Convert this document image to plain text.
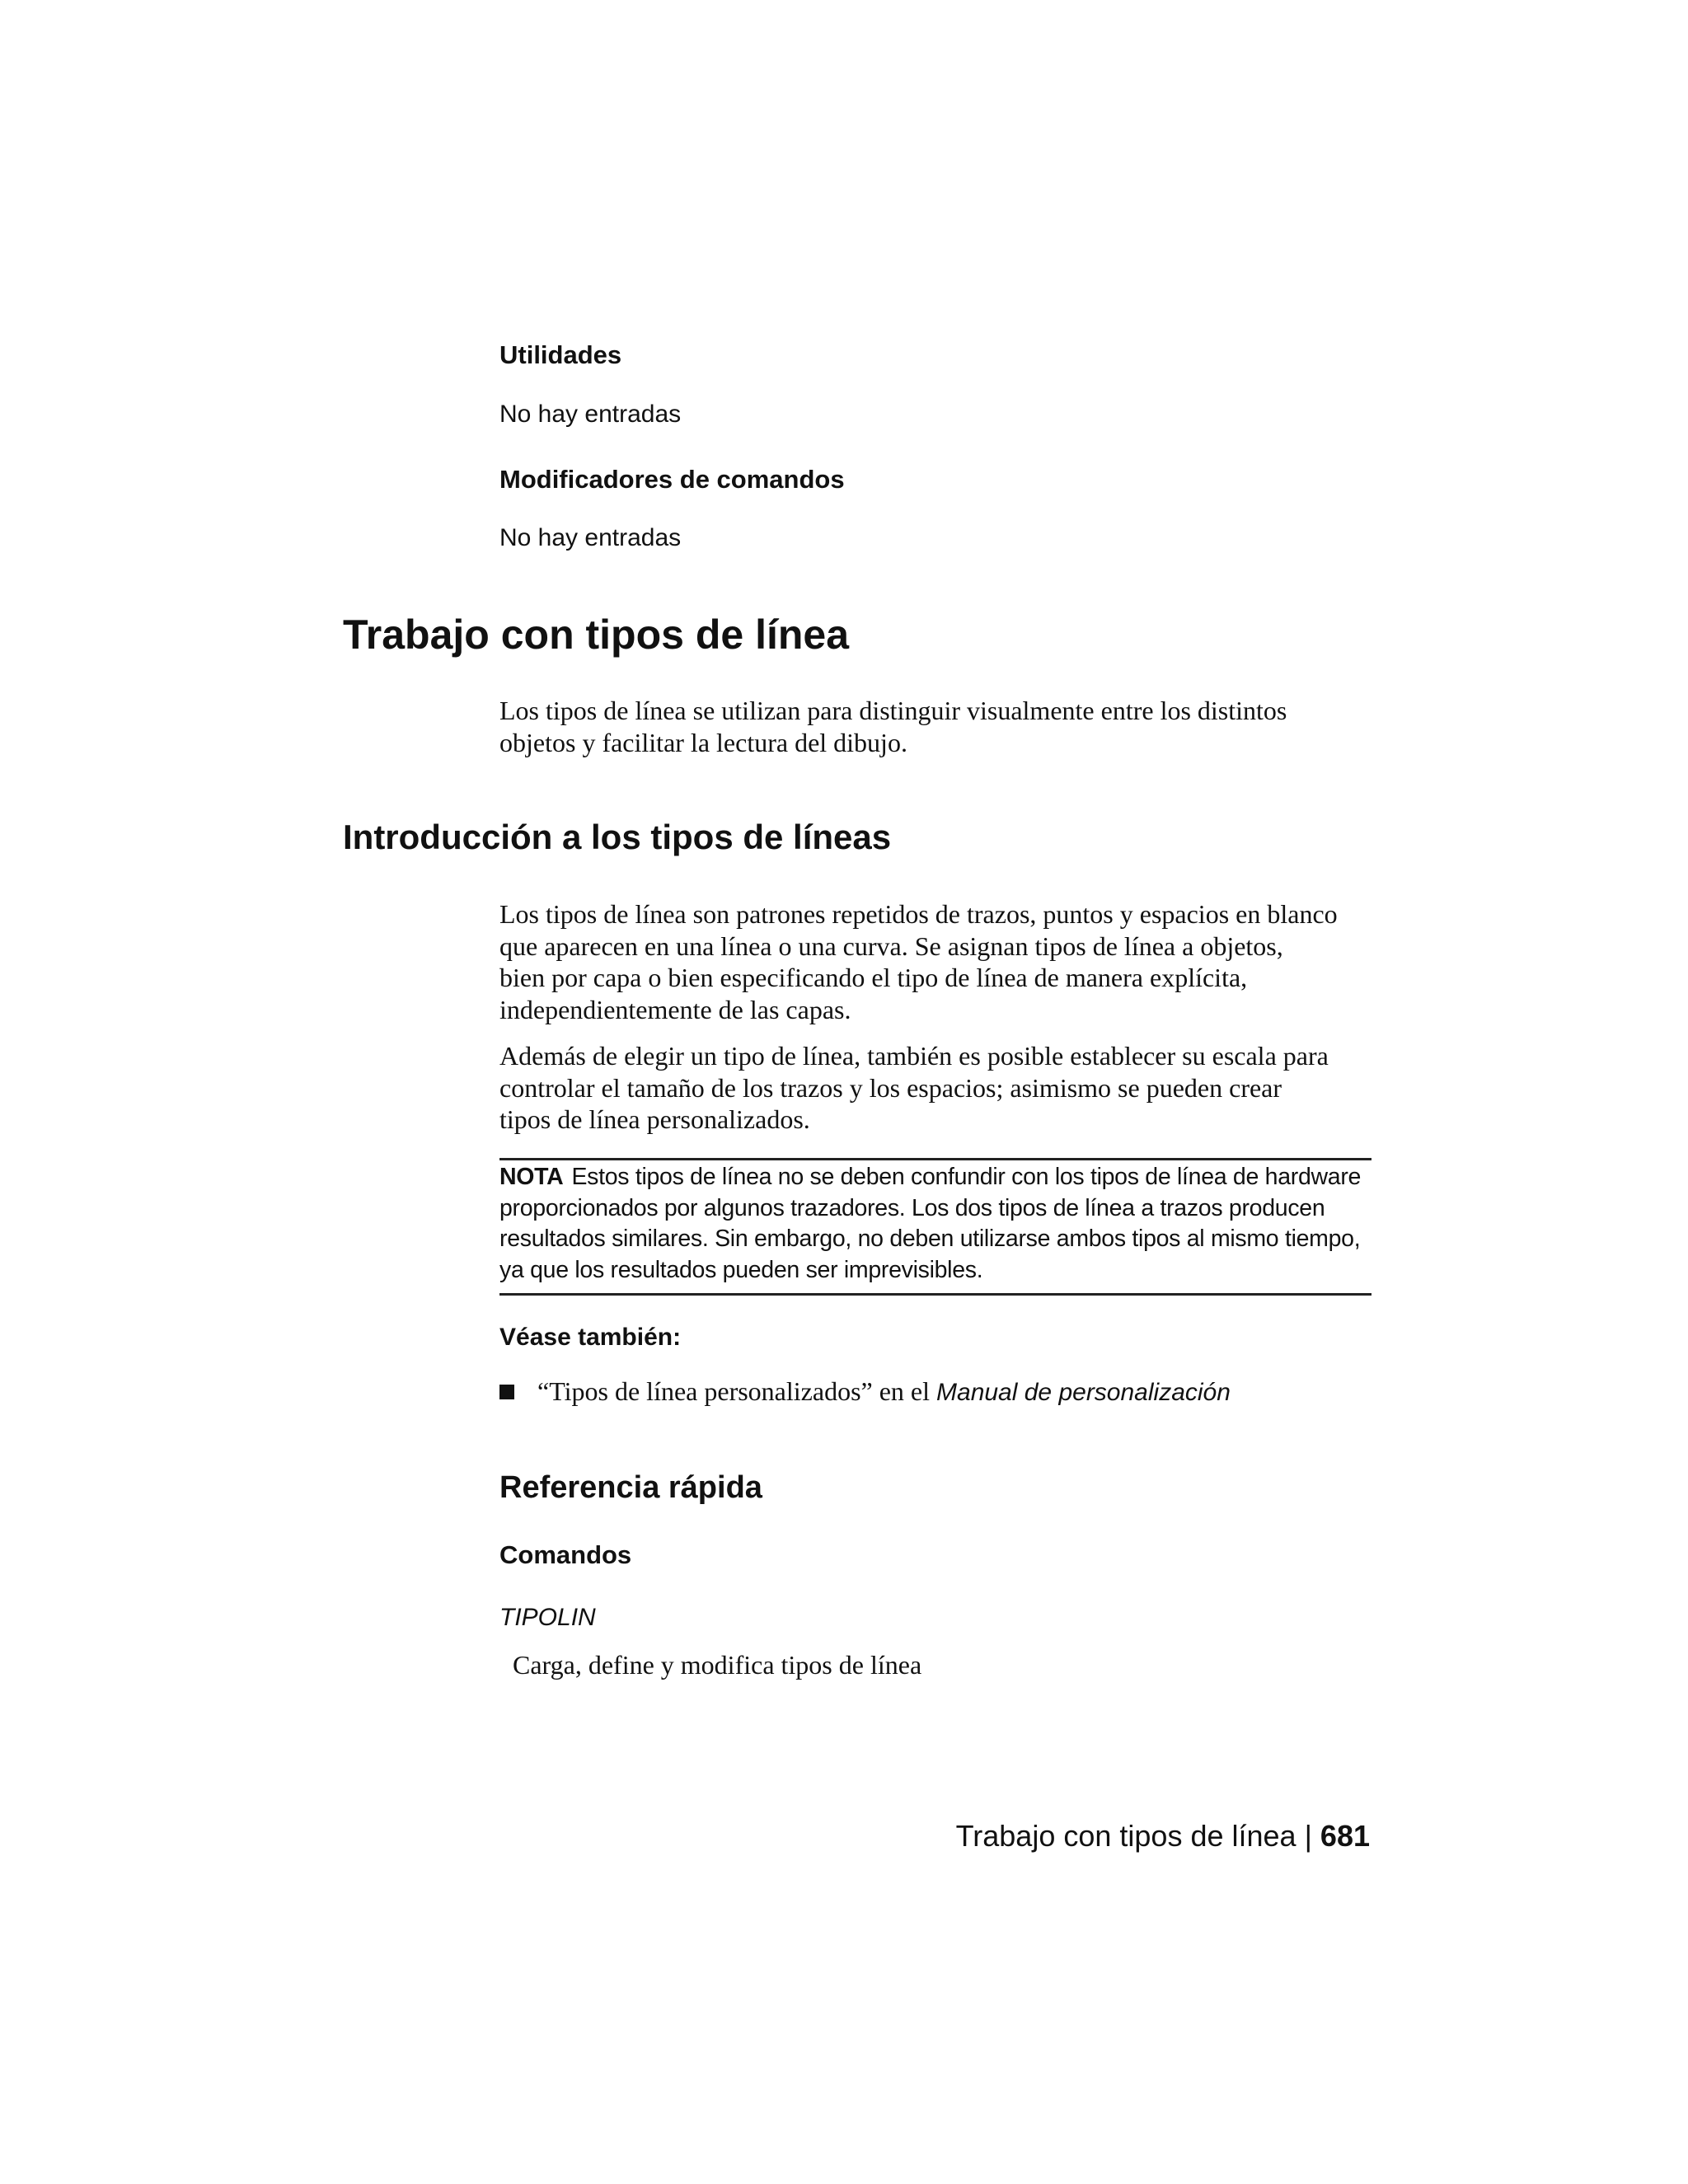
Utilidades

No hay entradas

Modificadores de comandos

No hay entradas

Trabajo con tipos de línea
Los tipos de línea se utilizan para distinguir visualmente entre los distintos
objetos y facilitar la lectura del dibujo.
Introducción a los tipos de líneas
Los tipos de línea son patrones repetidos de trazos, puntos y espacios en blanco
que aparecen en una línea o una curva. Se asignan tipos de línea a objetos,
bien por capa o bien especificando el tipo de línea de manera explícita,
independientemente de las capas.
Además de elegir un tipo de línea, también es posible establecer su escala para
controlar el tamaño de los trazos y los espacios; asimismo se pueden crear
tipos de línea personalizados.
NOTA Estos tipos de línea no se deben confundir con los tipos de línea de hardware
proporcionados por algunos trazadores. Los dos tipos de línea a trazos producen
resultados similares. Sin embargo, no deben utilizarse ambos tipos al mismo tiempo,
ya que los resultados pueden ser imprevisibles.
Véase también:

“Tipos de línea personalizados” en el Manual de personalización

Referencia rápida
Comandos

TIPOLIN

Carga, define y modifica tipos de línea

Trabajo con tipos de línea | 681
